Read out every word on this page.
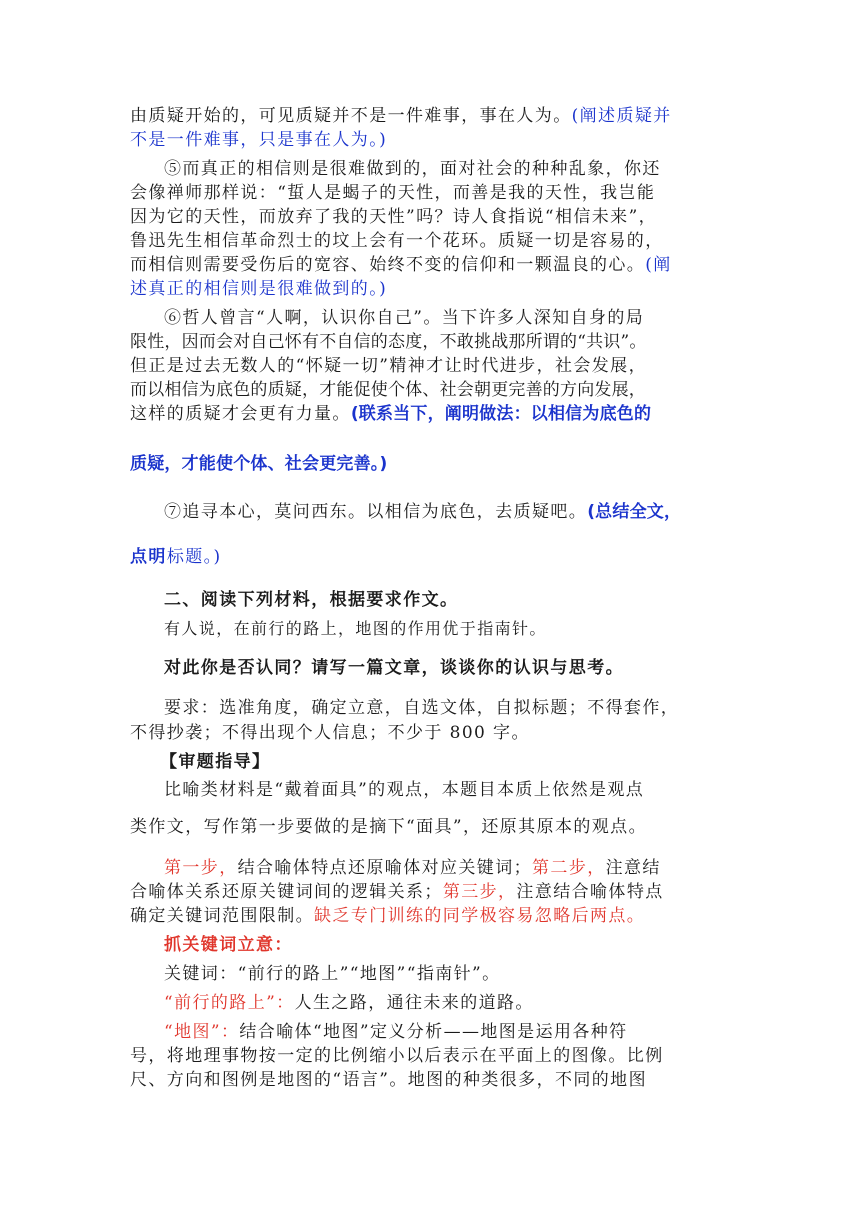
由质疑开始的，可见质疑并不是一件难事，事在人为。(阐述质疑并
不是一件难事，只是事在人为。)
⑤而真正的相信则是很难做到的，面对社会的种种乱象，你还
会像禅师那样说：“蜇人是蝎子的天性，而善是我的天性，我岂能
因为它的天性，而放弃了我的天性”吗？诗人食指说“相信未来”，
鲁迅先生相信革命烈士的坟上会有一个花环。质疑一切是容易的，
而相信则需要受伤后的宽容、始终不变的信仰和一颗温良的心。(阐
述真正的相信则是很难做到的。)
⑥哲人曾言“人啊，认识你自己”。当下许多人深知自身的局
限性，因而会对自己怀有不自信的态度，不敢挑战那所谓的“共识”。
但正是过去无数人的“怀疑一切”精神才让时代进步，社会发展，
而以相信为底色的质疑，才能促使个体、社会朝更完善的方向发展，
这样的质疑才会更有力量。(联系当下，阐明做法：以相信为底色的
质疑，才能使个体、社会更完善。)
⑦追寻本心，莫问西东。以相信为底色，去质疑吧。(总结全文，
点明标题。)
二、阅读下列材料，根据要求作文。
有人说，在前行的路上，地图的作用优于指南针。
对此你是否认同？请写一篇文章，谈谈你的认识与思考。
要求：选准角度，确定立意，自选文体，自拟标题；不得套作，
不得抄袭；不得出现个人信息；不少于 800 字。
【审题指导】
比喻类材料是“戴着面具”的观点，本题目本质上依然是观点
类作文，写作第一步要做的是摘下“面具”，还原其原本的观点。
第一步，结合喻体特点还原喻体对应关键词；第二步，注意结
合喻体关系还原关键词间的逻辑关系；第三步，注意结合喻体特点
确定关键词范围限制。缺乏专门训练的同学极容易忽略后两点。
抓关键词立意：
关键词：“前行的路上”“地图”“指南针”。
“前行的路上”：人生之路，通往未来的道路。
“地图”：结合喻体“地图”定义分析——地图是运用各种符
号，将地理事物按一定的比例缩小以后表示在平面上的图像。比例
尺、方向和图例是地图的“语言”。地图的种类很多，不同的地图
